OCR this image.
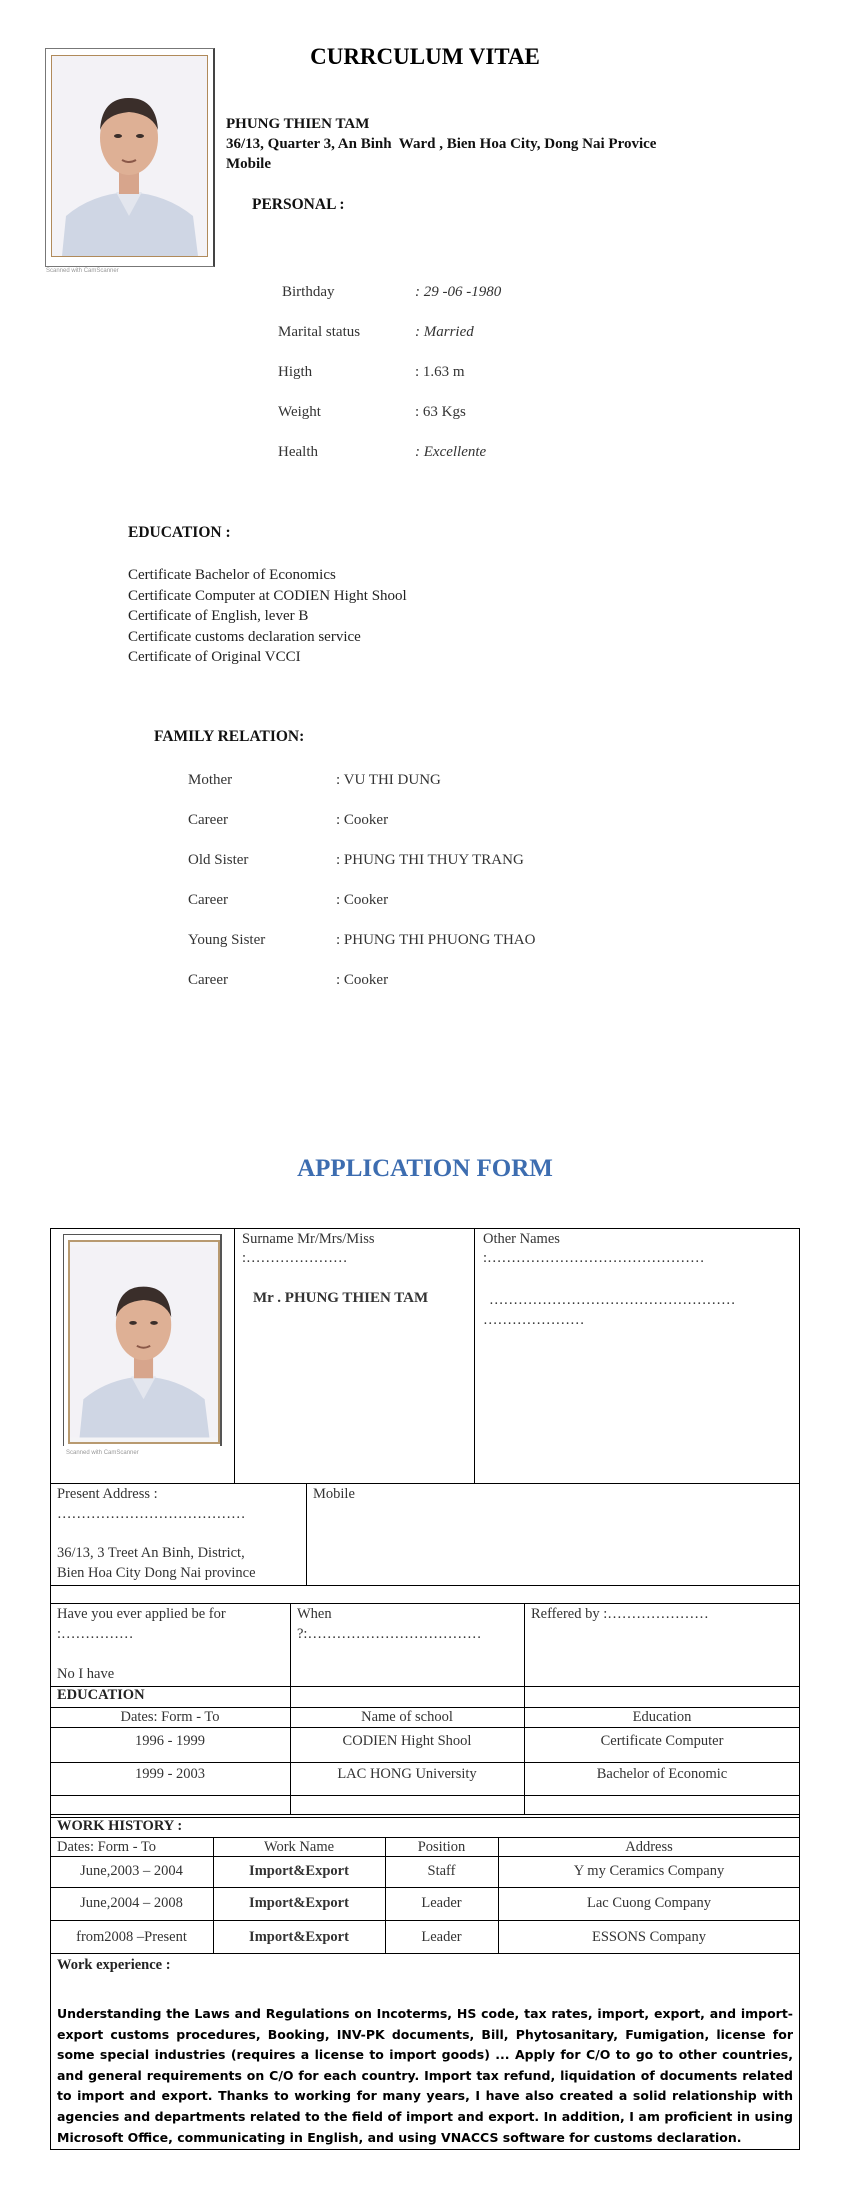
CURRCULUM VITAE
Scanned with CamScanner
PHUNG THIEN TAM
36/13, Quarter 3, An Binh  Ward , Bien Hoa City, Dong Nai Provice
Mobile
PERSONAL :
Birthday	: 29 -06 -1980
Marital status	: Married
Higth	: 1.63 m
Weight	: 63 Kgs
Health	: Excellente
EDUCATION :
Certificate Bachelor of Economics
Certificate Computer at CODIEN Hight Shool
Certificate of English, lever B
Certificate customs declaration service
Certificate of Original VCCI
FAMILY RELATION:
Mother	: VU THI DUNG
Career	: Cooker
Old Sister	: PHUNG THI THUY TRANG
Career	: Cooker
Young Sister	: PHUNG THI PHUONG THAO
Career	: Cooker
APPLICATION FORM
Scanned with CamScanner
Surname Mr/Mrs/Miss
:…………………
Mr . PHUNG THIEN TAM
Other Names
:………………………………………
……………………………………………
…………………
Present Address :
…………………………………
36/13, 3 Treet An Binh, District,
Bien Hoa City Dong Nai province
Mobile
Have you ever applied be for
:……………
No I have
When
?:………………………………
Reffered by :…………………
EDUCATION
Dates: Form - To	Name of school	Education
1996 - 1999	CODIEN Hight Shool	Certificate Computer
1999 - 2003	LAC HONG University	Bachelor of Economic
WORK HISTORY :
Dates: Form - To	Work Name	Position	Address
June,2003 – 2004	Import&Export	Staff	Y my Ceramics Company
June,2004 – 2008	Import&Export	Leader	Lac Cuong Company
from2008 –Present	Import&Export	Leader	ESSONS Company
Work experience :
Understanding the Laws and Regulations on Incoterms, HS code, tax rates, import, export, and import-export customs procedures, Booking, INV-PK documents, Bill, Phytosanitary, Fumigation, license for some special industries (requires a license to import goods) ... Apply for C/O to go to other countries, and general requirements on C/O for each country. Import tax refund, liquidation of documents related to import and export. Thanks to working for many years, I have also created a solid relationship with agencies and departments related to the field of import and export. In addition, I am proficient in using Microsoft Office, communicating in English, and using VNACCS software for customs declaration.
